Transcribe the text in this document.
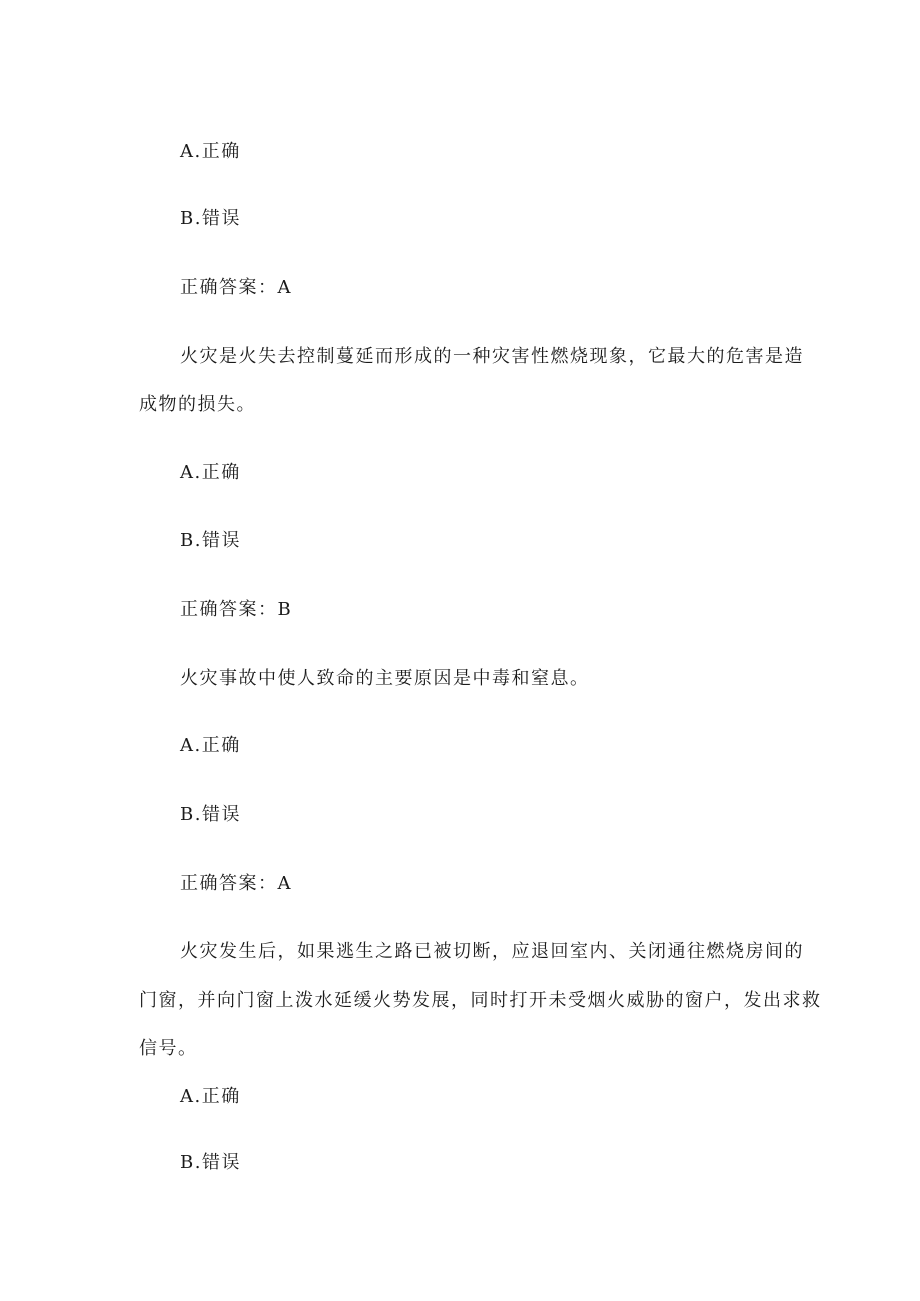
A.正确
B.错误
正确答案：A
火灾是火失去控制蔓延而形成的一种灾害性燃烧现象，它最大的危害是造
成物的损失。
A.正确
B.错误
正确答案：B
火灾事故中使人致命的主要原因是中毒和窒息。
A.正确
B.错误
正确答案：A
火灾发生后，如果逃生之路已被切断，应退回室内、关闭通往燃烧房间的
门窗，并向门窗上泼水延缓火势发展，同时打开未受烟火威胁的窗户，发出求救
信号。
A.正确
B.错误
